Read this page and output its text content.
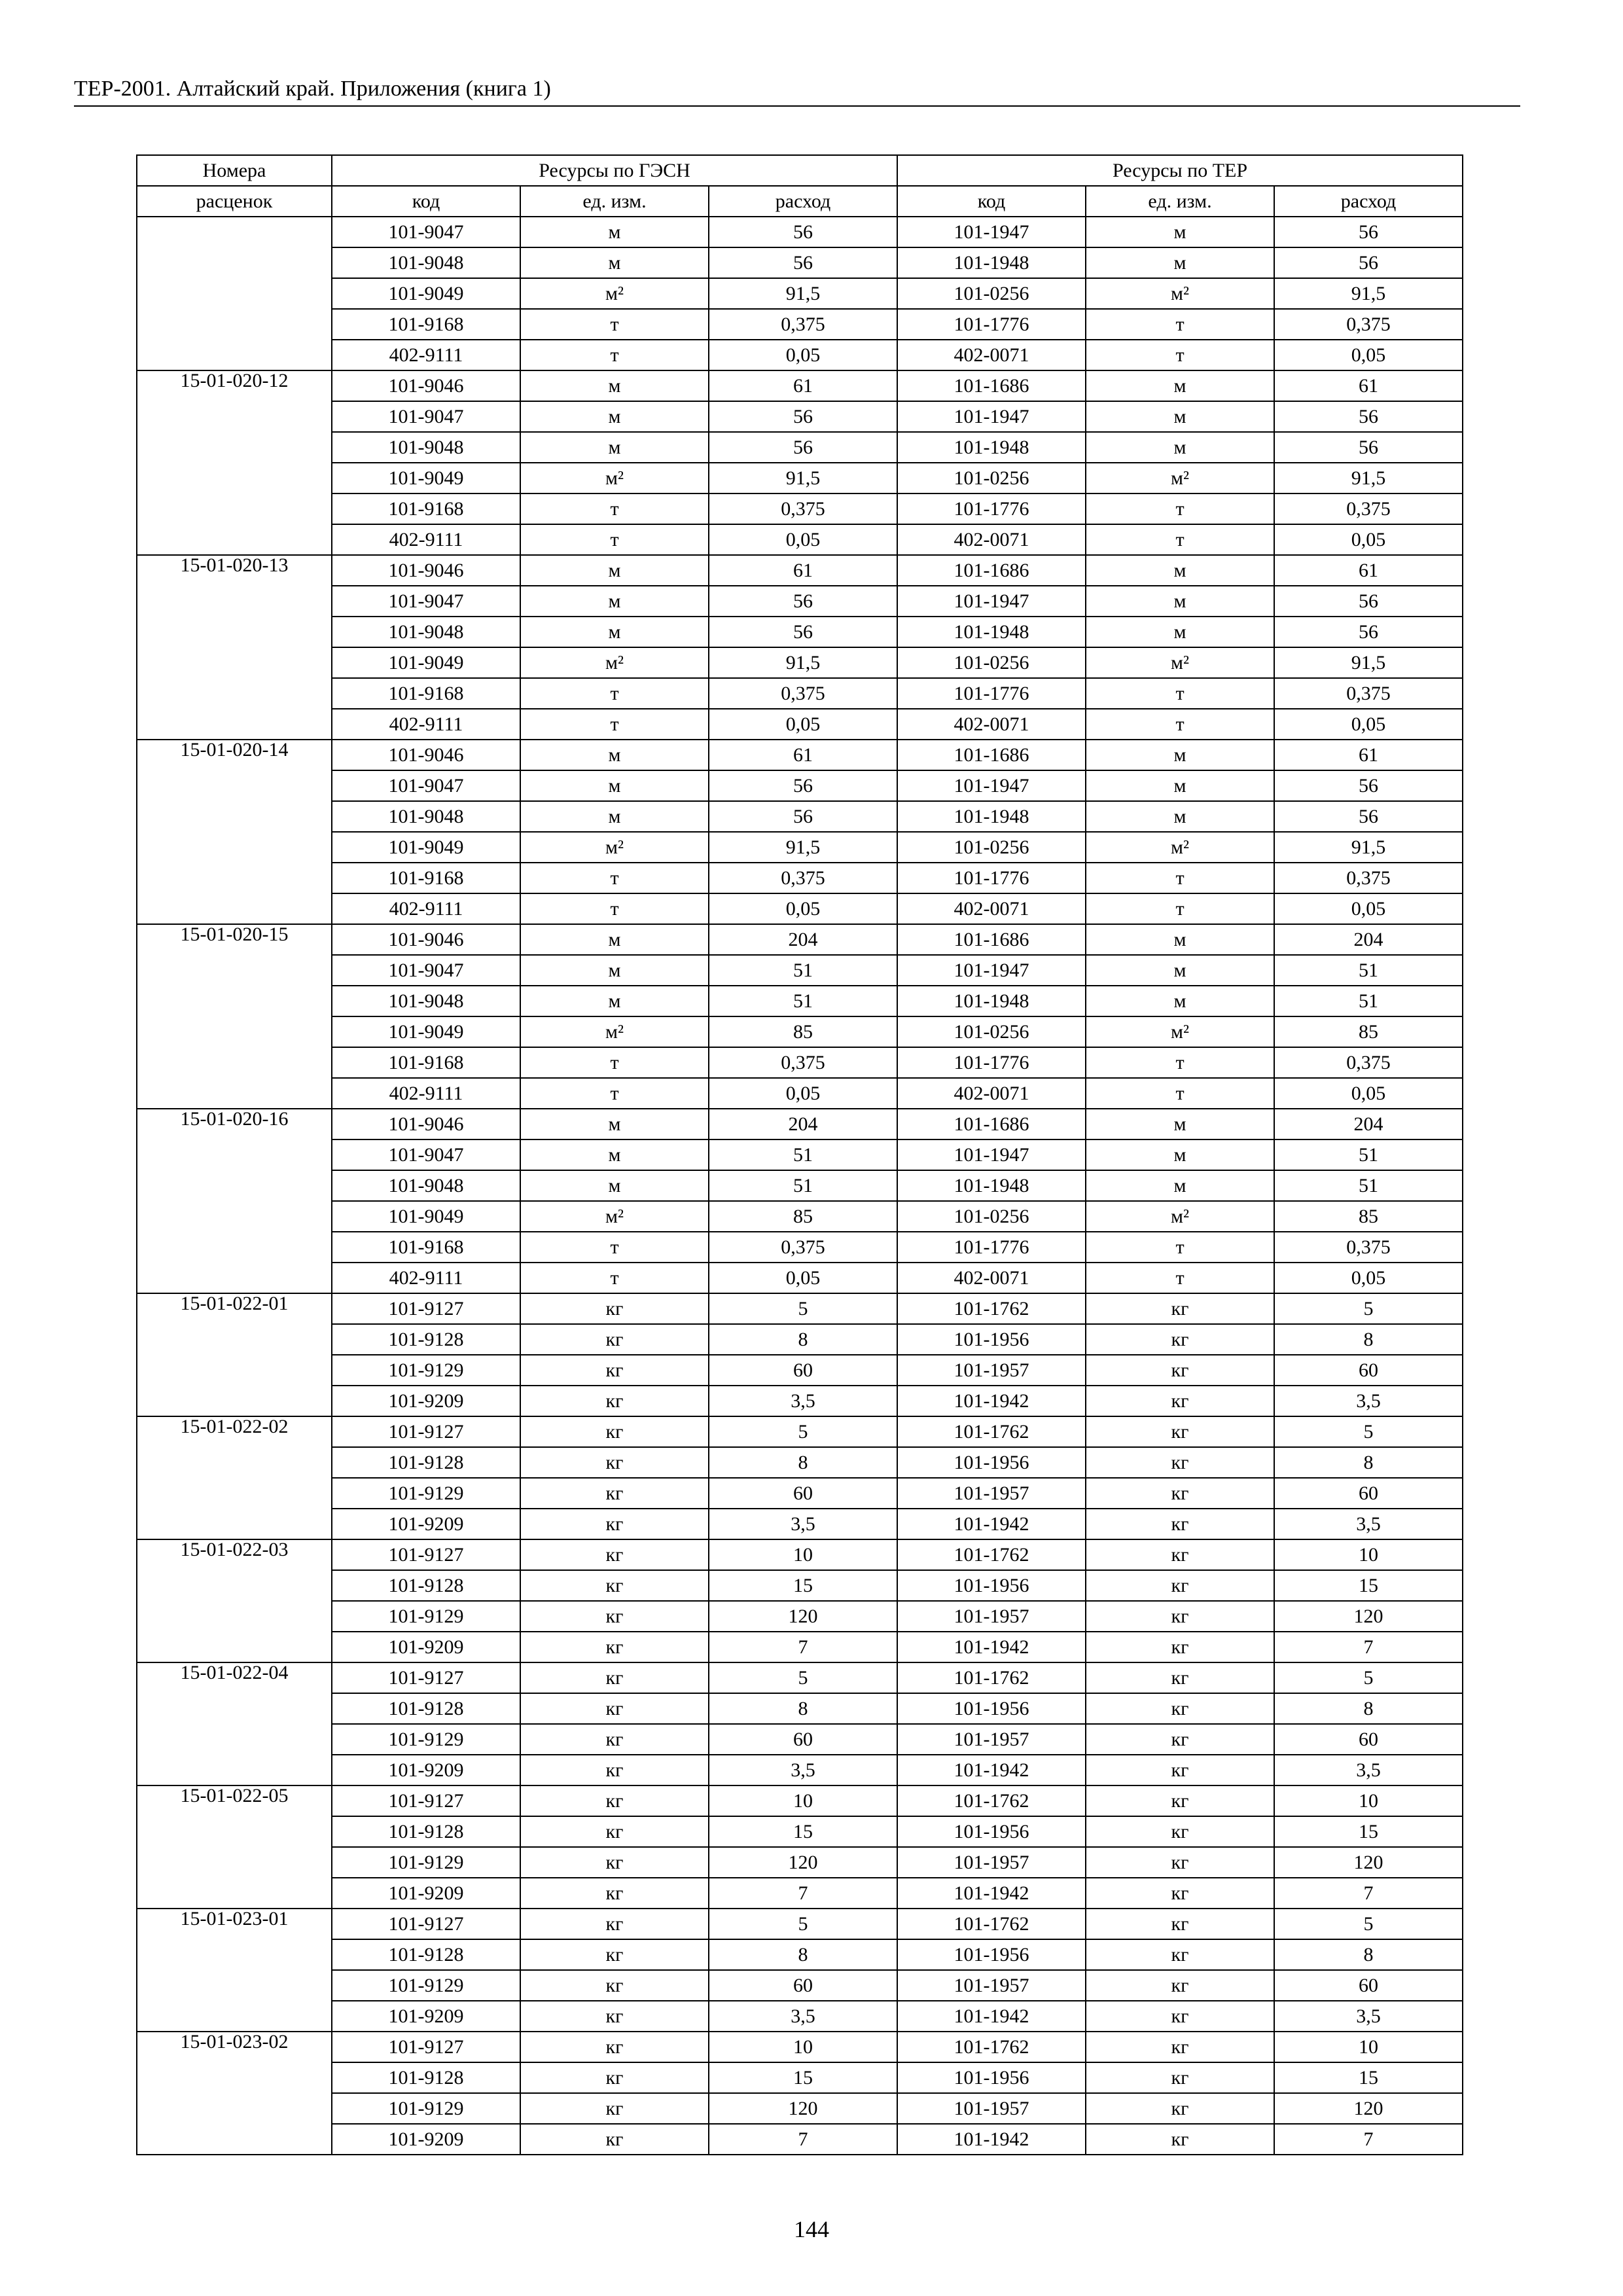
ТЕР-2001. Алтайский край. Приложения (книга 1)
Номера	Ресурсы по ГЭСН			Ресурсы по ТЕР		
расценок	код	ед. изм.	расход	код	ед. изм.	расход
	101-9047	м	56	101-1947	м	56
	101-9048	м	56	101-1948	м	56
	101-9049	м²	91,5	101-0256	м²	91,5
	101-9168	т	0,375	101-1776	т	0,375
	402-9111	т	0,05	402-0071	т	0,05
15-01-020-12	101-9046	м	61	101-1686	м	61
	101-9047	м	56	101-1947	м	56
	101-9048	м	56	101-1948	м	56
	101-9049	м²	91,5	101-0256	м²	91,5
	101-9168	т	0,375	101-1776	т	0,375
	402-9111	т	0,05	402-0071	т	0,05
15-01-020-13	101-9046	м	61	101-1686	м	61
	101-9047	м	56	101-1947	м	56
	101-9048	м	56	101-1948	м	56
	101-9049	м²	91,5	101-0256	м²	91,5
	101-9168	т	0,375	101-1776	т	0,375
	402-9111	т	0,05	402-0071	т	0,05
15-01-020-14	101-9046	м	61	101-1686	м	61
	101-9047	м	56	101-1947	м	56
	101-9048	м	56	101-1948	м	56
	101-9049	м²	91,5	101-0256	м²	91,5
	101-9168	т	0,375	101-1776	т	0,375
	402-9111	т	0,05	402-0071	т	0,05
15-01-020-15	101-9046	м	204	101-1686	м	204
	101-9047	м	51	101-1947	м	51
	101-9048	м	51	101-1948	м	51
	101-9049	м²	85	101-0256	м²	85
	101-9168	т	0,375	101-1776	т	0,375
	402-9111	т	0,05	402-0071	т	0,05
15-01-020-16	101-9046	м	204	101-1686	м	204
	101-9047	м	51	101-1947	м	51
	101-9048	м	51	101-1948	м	51
	101-9049	м²	85	101-0256	м²	85
	101-9168	т	0,375	101-1776	т	0,375
	402-9111	т	0,05	402-0071	т	0,05
15-01-022-01	101-9127	кг	5	101-1762	кг	5
	101-9128	кг	8	101-1956	кг	8
	101-9129	кг	60	101-1957	кг	60
	101-9209	кг	3,5	101-1942	кг	3,5
15-01-022-02	101-9127	кг	5	101-1762	кг	5
	101-9128	кг	8	101-1956	кг	8
	101-9129	кг	60	101-1957	кг	60
	101-9209	кг	3,5	101-1942	кг	3,5
15-01-022-03	101-9127	кг	10	101-1762	кг	10
	101-9128	кг	15	101-1956	кг	15
	101-9129	кг	120	101-1957	кг	120
	101-9209	кг	7	101-1942	кг	7
15-01-022-04	101-9127	кг	5	101-1762	кг	5
	101-9128	кг	8	101-1956	кг	8
	101-9129	кг	60	101-1957	кг	60
	101-9209	кг	3,5	101-1942	кг	3,5
15-01-022-05	101-9127	кг	10	101-1762	кг	10
	101-9128	кг	15	101-1956	кг	15
	101-9129	кг	120	101-1957	кг	120
	101-9209	кг	7	101-1942	кг	7
15-01-023-01	101-9127	кг	5	101-1762	кг	5
	101-9128	кг	8	101-1956	кг	8
	101-9129	кг	60	101-1957	кг	60
	101-9209	кг	3,5	101-1942	кг	3,5
15-01-023-02	101-9127	кг	10	101-1762	кг	10
	101-9128	кг	15	101-1956	кг	15
	101-9129	кг	120	101-1957	кг	120
	101-9209	кг	7	101-1942	кг	7
144
